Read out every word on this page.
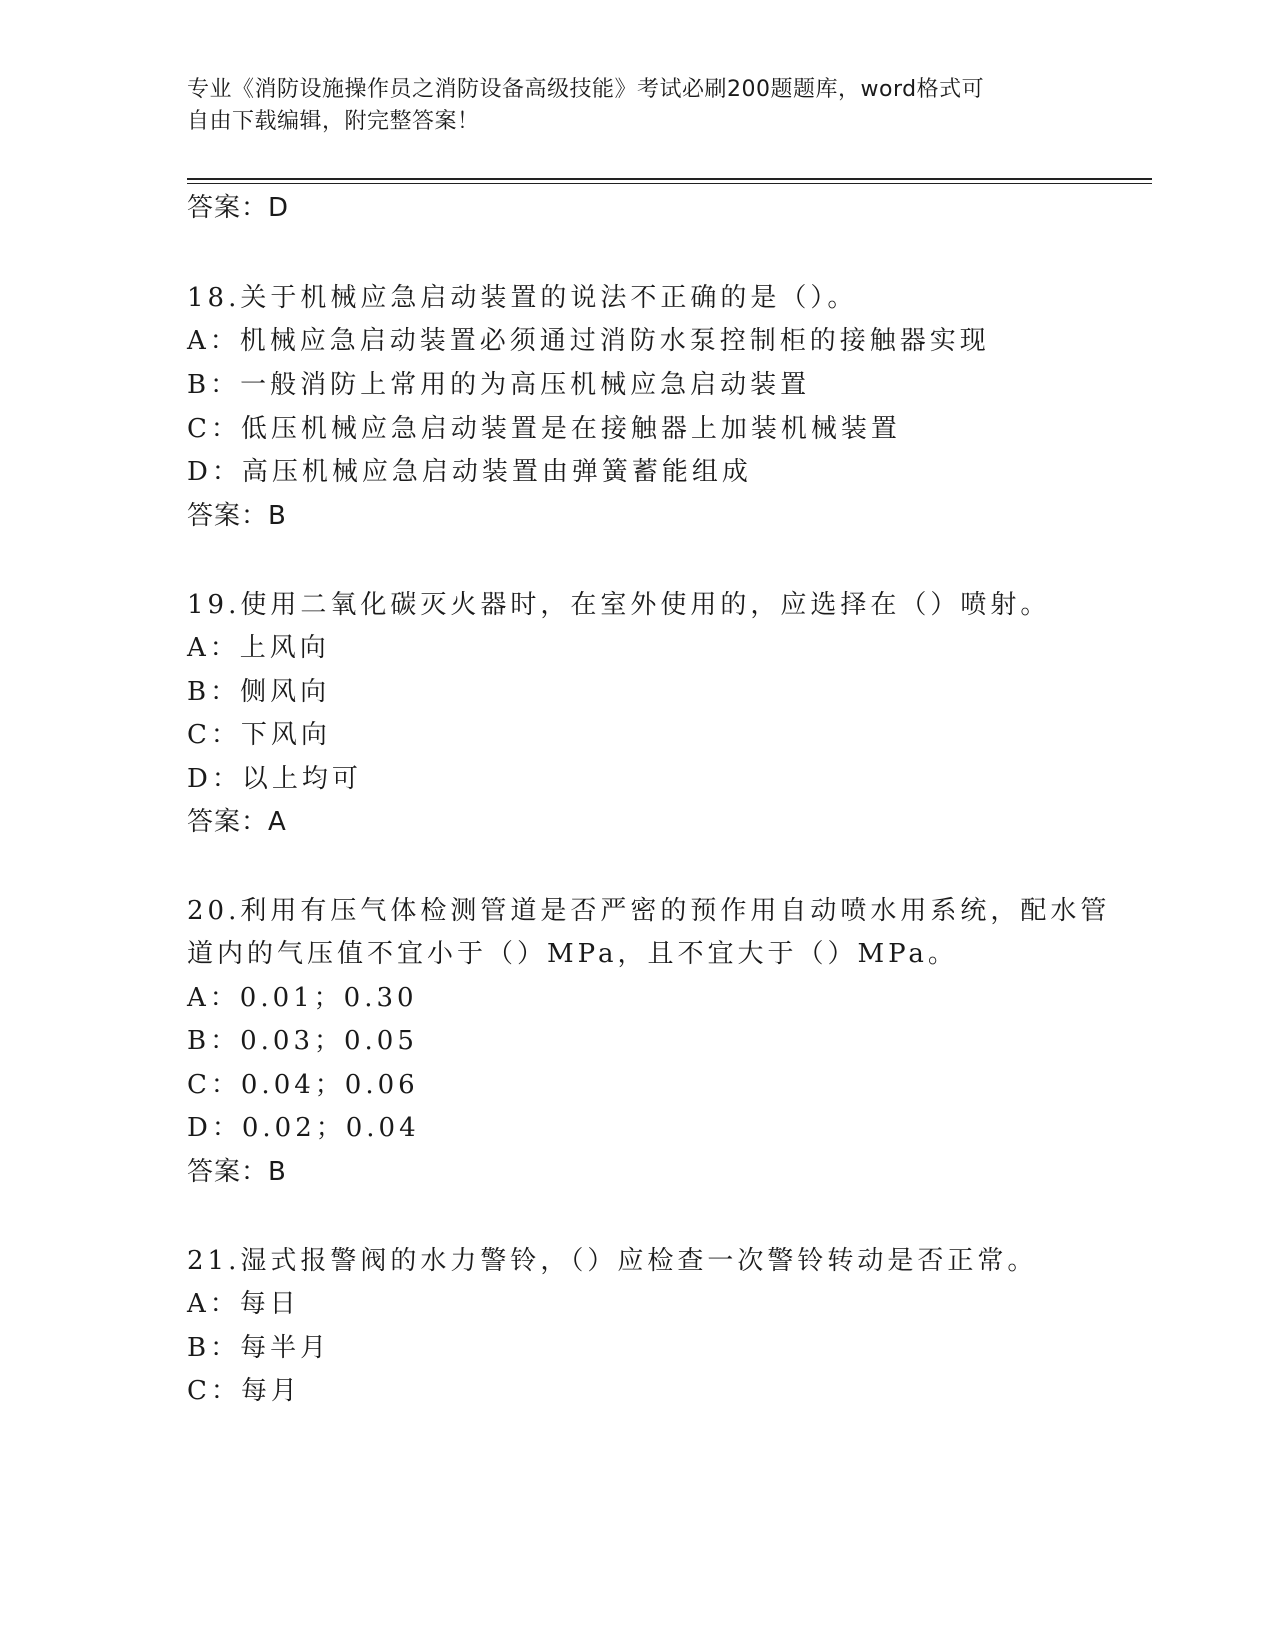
专业《消防设施操作员之消防设备高级技能》考试必刷200题题库，word格式可
自由下载编辑，附完整答案！
答案：D
18.关于机械应急启动装置的说法不正确的是（）。
A：机械应急启动装置必须通过消防水泵控制柜的接触器实现
B：一般消防上常用的为高压机械应急启动装置
C：低压机械应急启动装置是在接触器上加装机械装置
D：高压机械应急启动装置由弹簧蓄能组成
答案：B
19.使用二氧化碳灭火器时，在室外使用的，应选择在（）喷射。
A：上风向
B：侧风向
C：下风向
D：以上均可
答案：A
20.利用有压气体检测管道是否严密的预作用自动喷水用系统，配水管
道内的气压值不宜小于（）MPa，且不宜大于（）MPa。
A：0.01；0.30
B：0.03；0.05
C：0.04；0.06
D：0.02；0.04
答案：B
21.湿式报警阀的水力警铃，（）应检查一次警铃转动是否正常。
A：每日
B：每半月
C：每月
